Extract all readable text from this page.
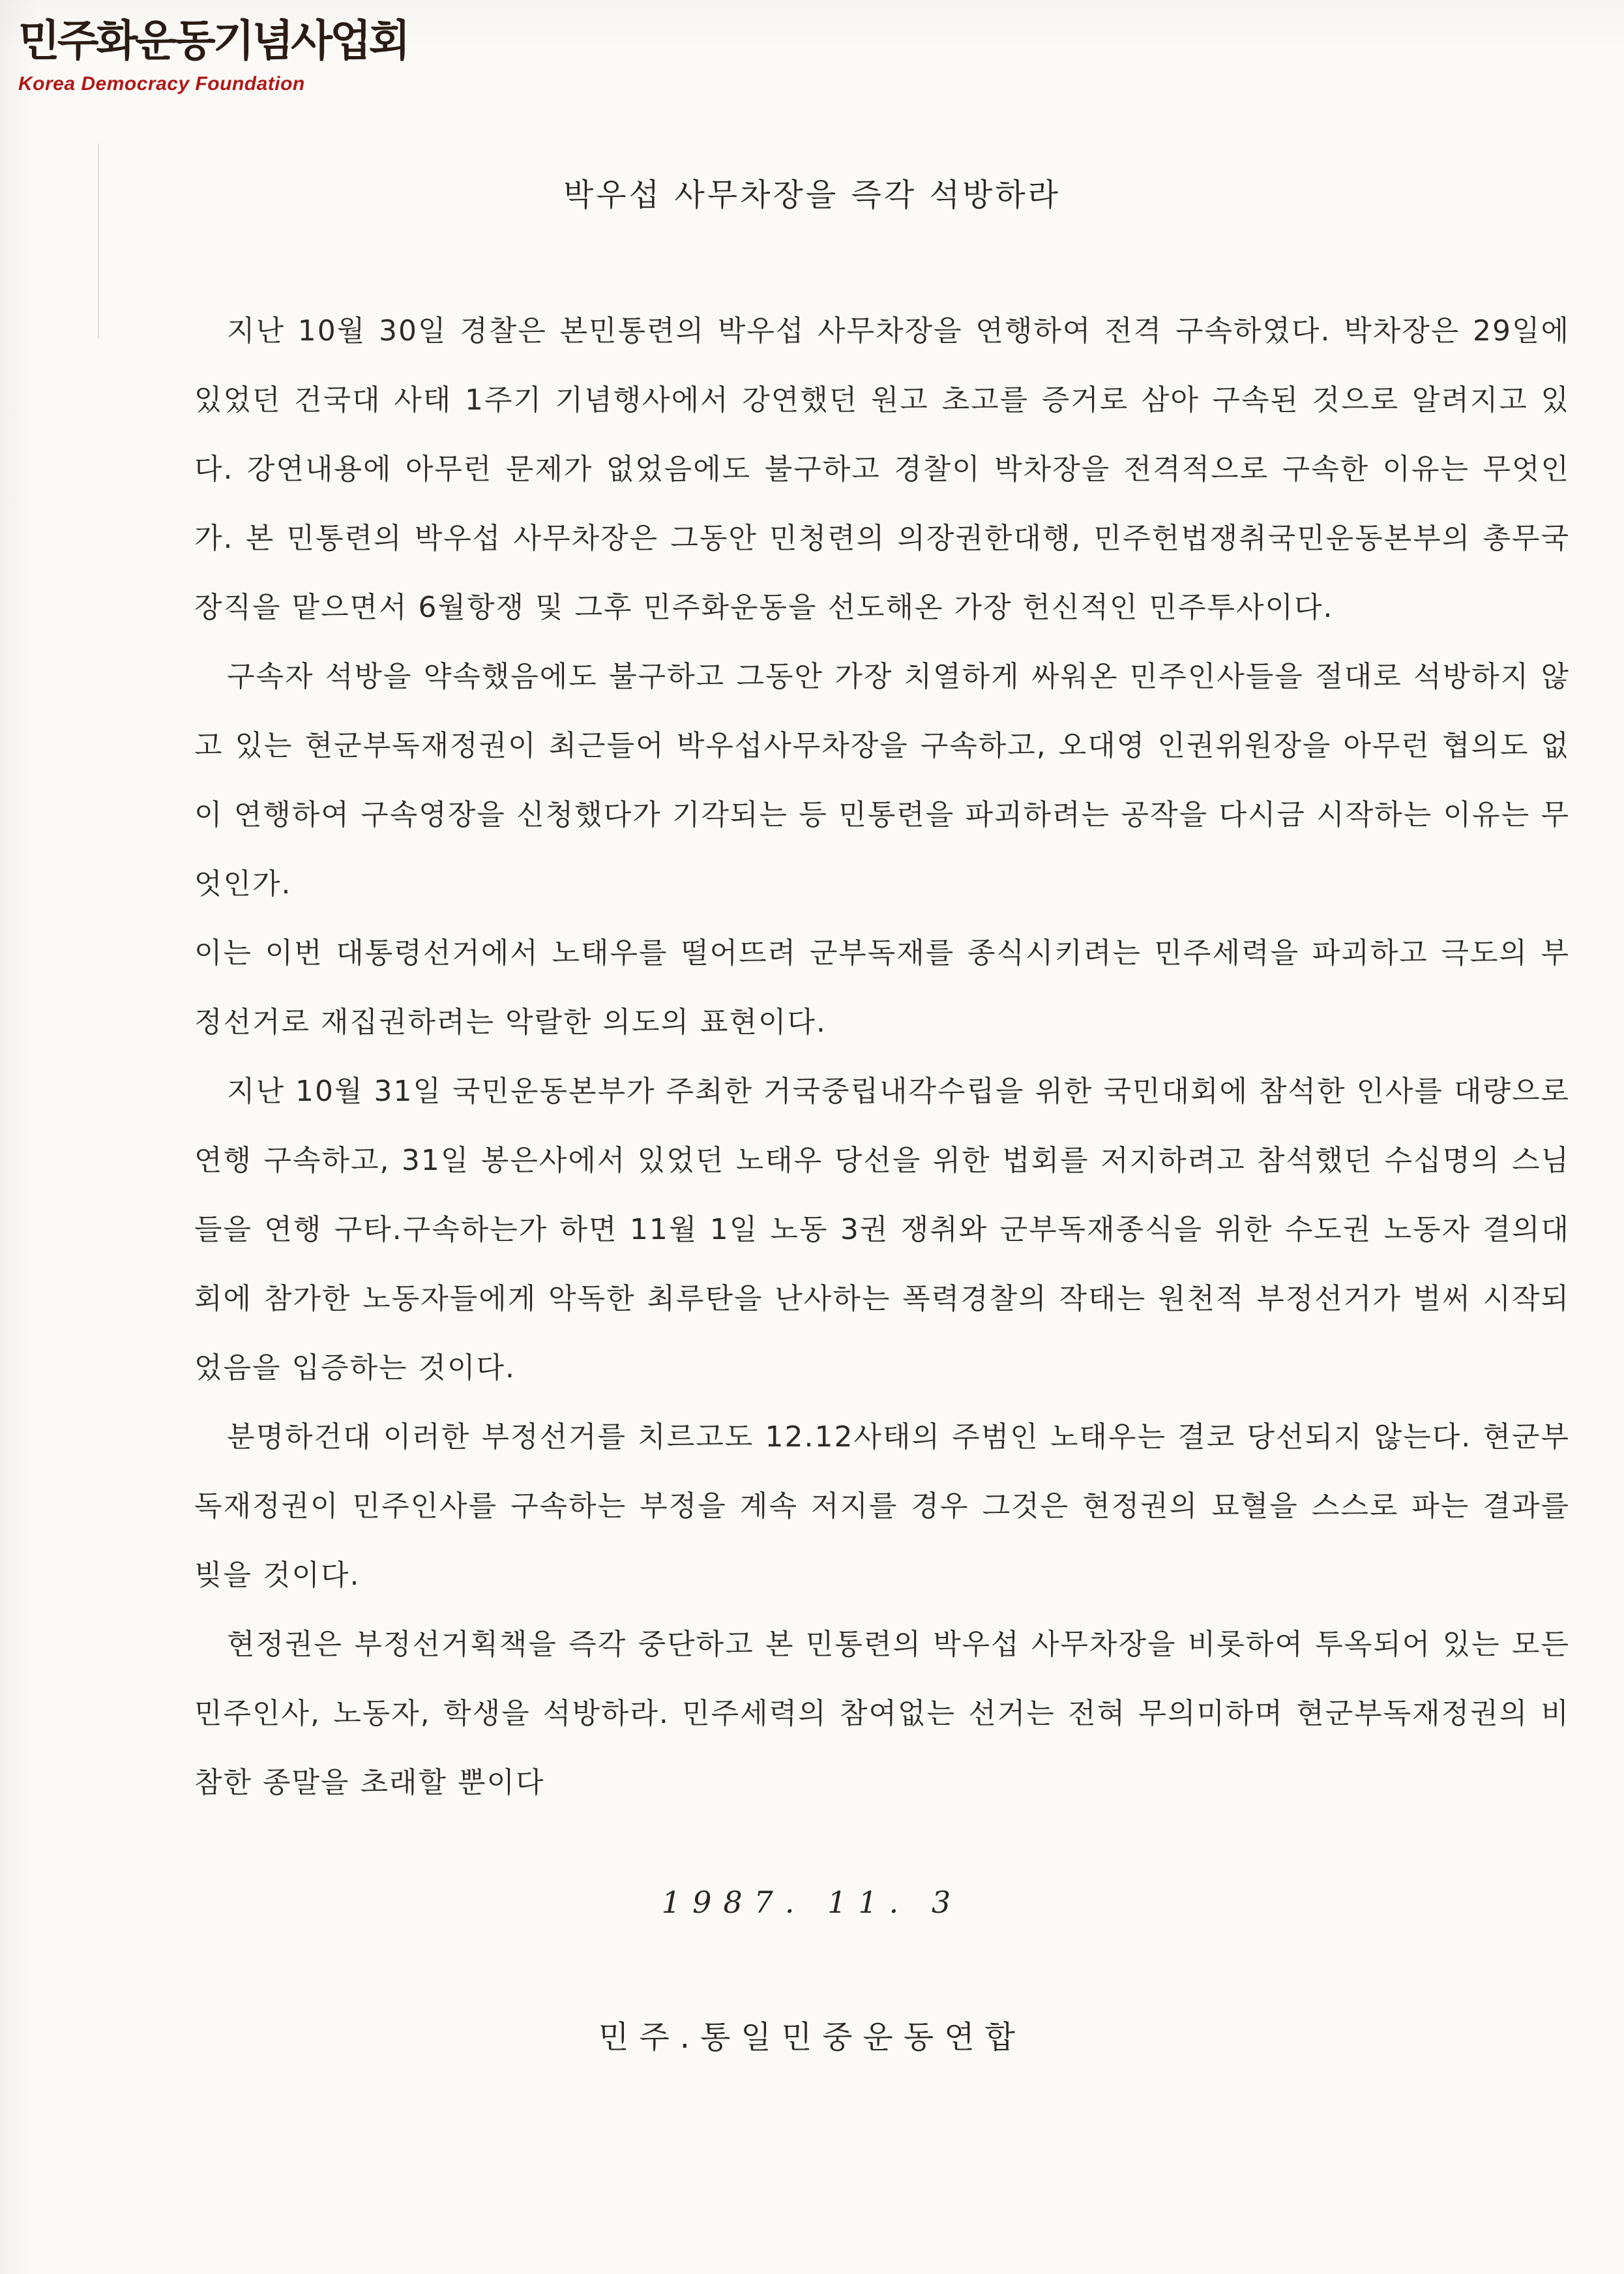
민주화운동기념사업회
Korea Democracy Foundation
박우섭 사무차장을 즉각 석방하라

지난 10월 30일 경찰은 본민통련의 박우섭 사무차장을 연행하여 전격 구속하였다. 박차장은 29일에 있었던 건국대 사태 1주기 기념행사에서 강연했던 원고 초고를 증거로 삼아 구속된 것으로 알려지고 있다. 강연내용에 아무런 문제가 없었음에도 불구하고 경찰이 박차장을 전격적으로 구속한 이유는 무엇인가. 본 민통련의 박우섭 사무차장은 그동안 민청련의 의장권한대행, 민주헌법쟁취국민운동본부의 총무국장직을 맡으면서 6월항쟁 및 그후 민주화운동을 선도해온 가장 헌신적인 민주투사이다.

구속자 석방을 약속했음에도 불구하고 그동안 가장 치열하게 싸워온 민주인사들을 절대로 석방하지 않고 있는 현군부독재정권이 최근들어 박우섭사무차장을 구속하고, 오대영 인권위원장을 아무런 협의도 없이 연행하여 구속영장을 신청했다가 기각되는 등 민통련을 파괴하려는 공작을 다시금 시작하는 이유는 무엇인가.

이는 이번 대통령선거에서 노태우를 떨어뜨려 군부독재를 종식시키려는 민주세력을 파괴하고 극도의 부정선거로 재집권하려는 악랄한 의도의 표현이다.

지난 10월 31일 국민운동본부가 주최한 거국중립내각수립을 위한 국민대회에 참석한 인사를 대량으로 연행 구속하고, 31일 봉은사에서 있었던 노태우 당선을 위한 법회를 저지하려고 참석했던 수십명의 스님들을 연행 구타.구속하는가 하면 11월 1일 노동 3권 쟁취와 군부독재종식을 위한 수도권 노동자 결의대회에 참가한 노동자들에게 악독한 최루탄을 난사하는 폭력경찰의 작태는 원천적 부정선거가 벌써 시작되었음을 입증하는 것이다.

분명하건대 이러한 부정선거를 치르고도 12.12사태의 주범인 노태우는 결코 당선되지 않는다. 현군부독재정권이 민주인사를 구속하는 부정을 계속 저지를 경우 그것은 현정권의 묘혈을 스스로 파는 결과를 빚을 것이다.

현정권은 부정선거획책을 즉각 중단하고 본 민통련의 박우섭 사무차장을 비롯하여 투옥되어 있는 모든 민주인사, 노동자, 학생을 석방하라. 민주세력의 참여없는 선거는 전혀 무의미하며 현군부독재정권의 비참한 종말을 초래할 뿐이다

1987. 11. 3
민주.통일민중운동연합
